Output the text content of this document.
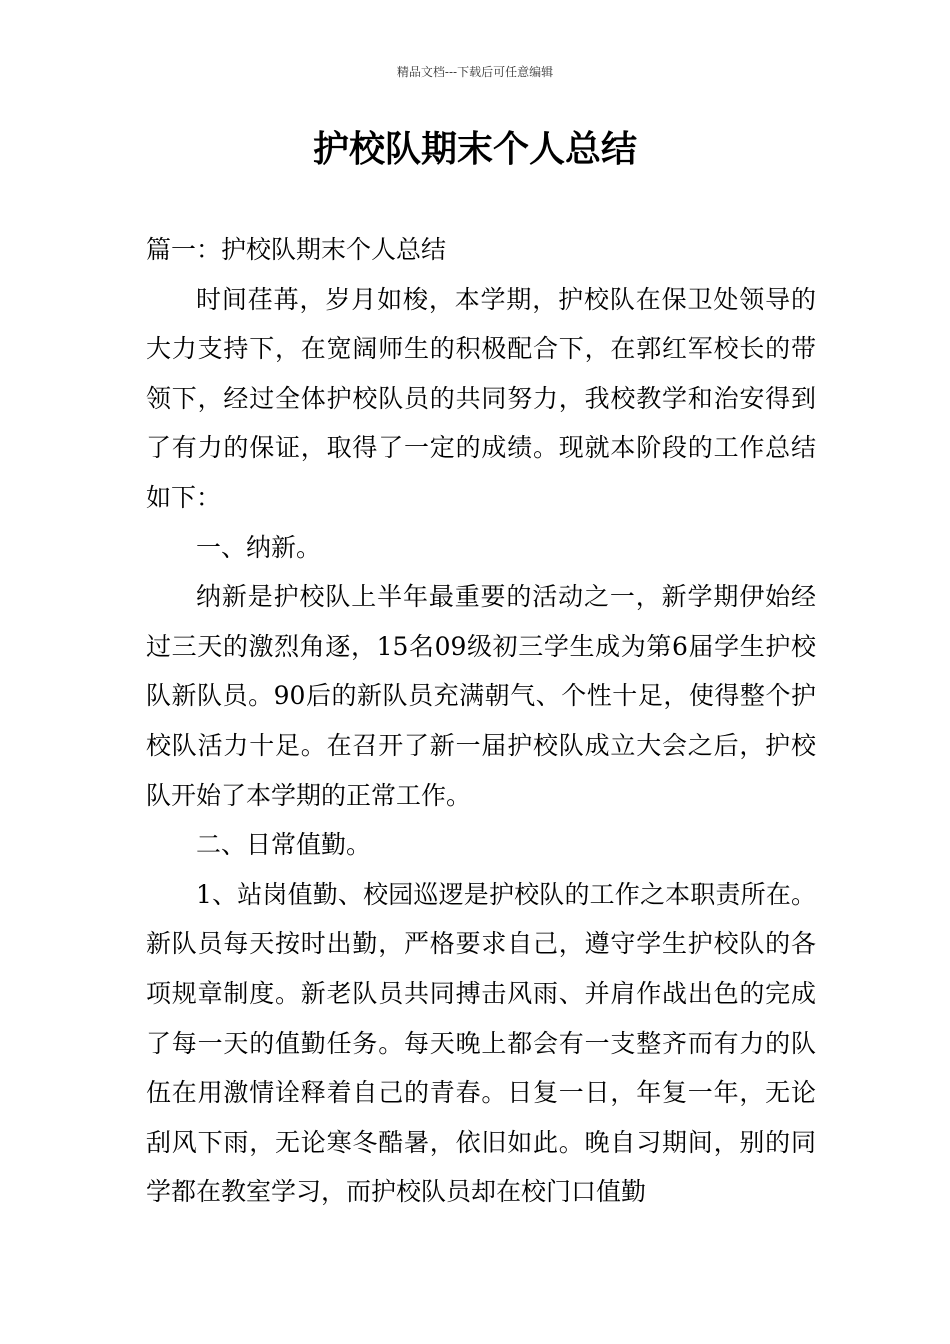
精品文档---下载后可任意编辑
护校队期末个人总结

篇一：护校队期末个人总结

时间荏苒，岁月如梭，本学期，护校队在保卫处领导的大力支持下，在宽阔师生的积极配合下，在郭红军校长的带领下，经过全体护校队员的共同努力，我校教学和治安得到了有力的保证，取得了一定的成绩。现就本阶段的工作总结如下：

一、纳新。

纳新是护校队上半年最重要的活动之一，新学期伊始经过三天的激烈角逐，15名09级初三学生成为第6届学生护校队新队员。90后的新队员充满朝气、个性十足，使得整个护校队活力十足。在召开了新一届护校队成立大会之后，护校队开始了本学期的正常工作。

二、日常值勤。

1、站岗值勤、校园巡逻是护校队的工作之本职责所在。新队员每天按时出勤，严格要求自己，遵守学生护校队的各项规章制度。新老队员共同搏击风雨、并肩作战出色的完成了每一天的值勤任务。每天晚上都会有一支整齐而有力的队伍在用激情诠释着自己的青春。日复一日，年复一年，无论刮风下雨，无论寒冬酷暑，依旧如此。晚自习期间，别的同学都在教室学习，而护校队员却在校门口值勤
